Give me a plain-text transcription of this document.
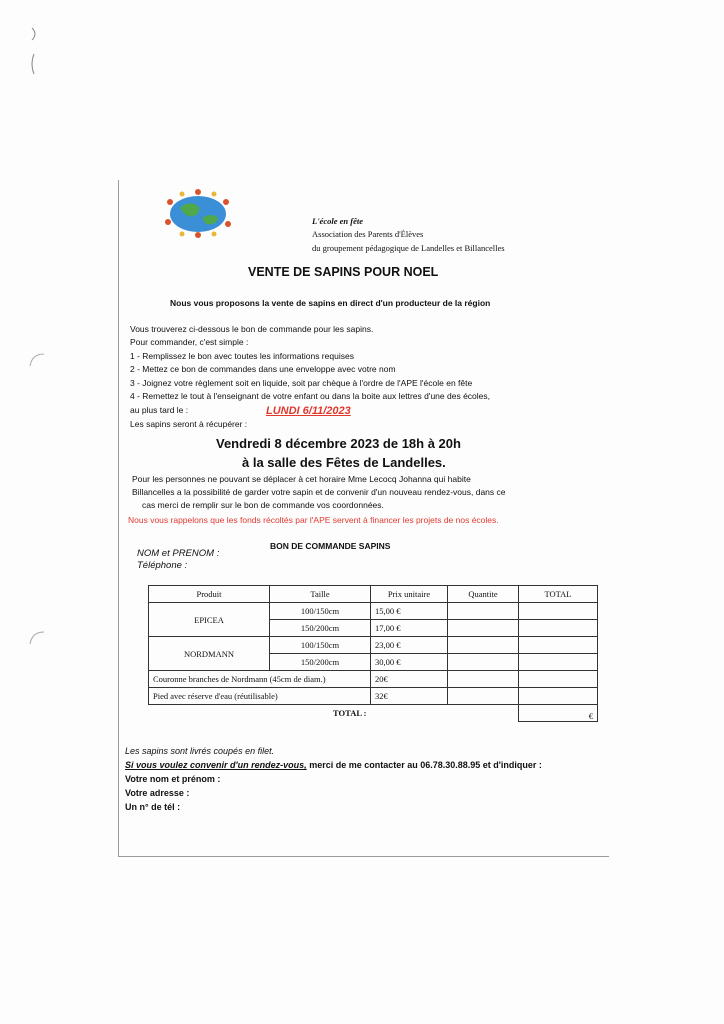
L'école en fête
Association des Parents d'Élèves
du groupement pédagogique de Landelles et Billancelles
VENTE DE SAPINS POUR NOEL
Nous vous proposons la vente de sapins en direct d'un producteur de la région
Vous trouverez ci-dessous le bon de commande pour les sapins.
Pour commander, c'est simple :
1 - Remplissez le bon avec toutes les informations requises
2 - Mettez ce bon de commandes dans une enveloppe avec votre nom
3 - Joignez votre règlement soit en liquide, soit par chèque à l'ordre de l'APE l'école en fête
4 - Remettez le tout à l'enseignant de votre enfant ou dans la boite aux lettres d'une des écoles,
au plus tard le :	LUNDI 6/11/2023
Les sapins seront à récupérer :
Vendredi 8 décembre 2023 de 18h à 20h
à la salle des Fêtes de Landelles.
Pour les personnes ne pouvant se déplacer à cet horaire Mme Lecocq Johanna qui habite
Billancelles a la possibilité de garder votre sapin et de convenir d'un nouveau rendez-vous, dans ce
cas merci de remplir sur le bon de commande vos coordonnées.
Nous vous rappelons que les fonds récoltés par l'APE servent à financer les projets de nos écoles.
BON DE COMMANDE SAPINS
NOM et PRENOM :
Téléphone :
Produit	Taille	Prix unitaire	Quantite	TOTAL
EPICEA	100/150cm	15,00 €		
	150/200cm	17,00 €		
NORDMANN	100/150cm	23,00 €		
	150/200cm	30,00 €		
Couronne branches de Nordmann (45cm de diam.)		20€		
Pied avec réserve d'eau (réutilisable)		32€		
TOTAL :				€
Les sapins sont livrés coupés en filet.
Si vous voulez convenir d'un rendez-vous, merci de me contacter au 06.78.30.88.95 et d'indiquer :
Votre nom et prénom :
Votre adresse :
Un n° de tél :
